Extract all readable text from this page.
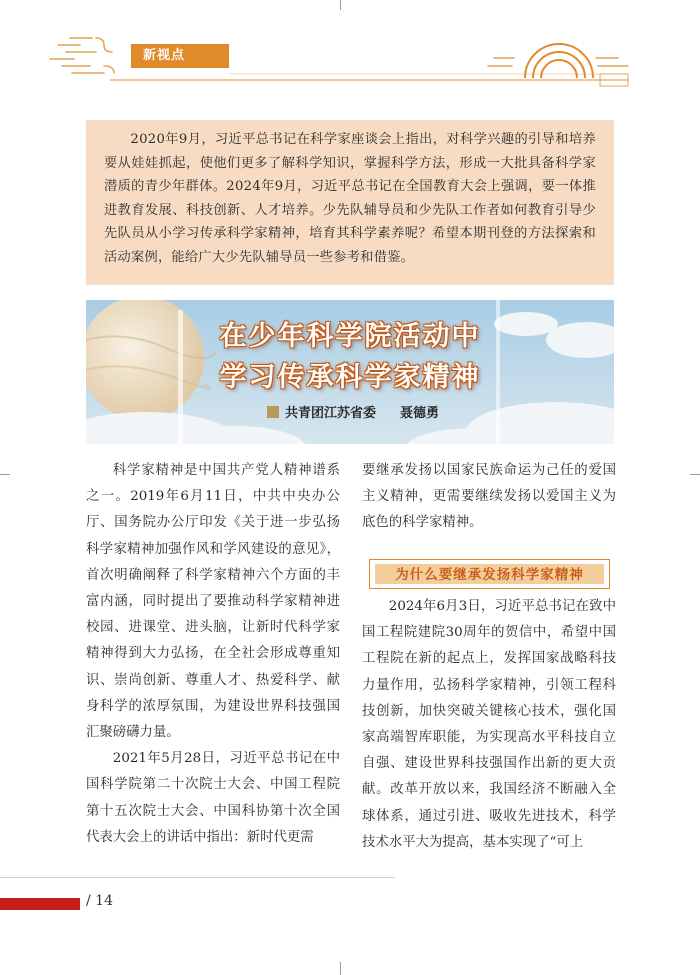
新视点

2020年9月，习近平总书记在科学家座谈会上指出，对科学兴趣的引导和培养要从娃娃抓起，使他们更多了解科学知识，掌握科学方法，形成一大批具备科学家潜质的青少年群体。2024年9月，习近平总书记在全国教育大会上强调，要一体推进教育发展、科技创新、人才培养。少先队辅导员和少先队工作者如何教育引导少先队员从小学习传承科学家精神，培育其科学素养呢？希望本期刊登的方法探索和活动案例，能给广大少先队辅导员一些参考和借鉴。

在少年科学院活动中
学习传承科学家精神
共青团江苏省委 聂德勇

科学家精神是中国共产党人精神谱系之一。2019年6月11日，中共中央办公厅、国务院办公厅印发《关于进一步弘扬科学家精神加强作风和学风建设的意见》，首次明确阐释了科学家精神六个方面的丰富内涵，同时提出了要推动科学家精神进校园、进课堂、进头脑，让新时代科学家精神得到大力弘扬，在全社会形成尊重知识、崇尚创新、尊重人才、热爱科学、献身科学的浓厚氛围，为建设世界科技强国汇聚磅礴力量。

2021年5月28日，习近平总书记在中国科学院第二十次院士大会、中国工程院第十五次院士大会、中国科协第十次全国代表大会上的讲话中指出：新时代更需

要继承发扬以国家民族命运为己任的爱国主义精神，更需要继续发扬以爱国主义为底色的科学家精神。

为什么要继承发扬科学家精神

2024年6月3日，习近平总书记在致中国工程院建院30周年的贺信中，希望中国工程院在新的起点上，发挥国家战略科技力量作用，弘扬科学家精神，引领工程科技创新，加快突破关键核心技术，强化国家高端智库职能，为实现高水平科技自立自强、建设世界科技强国作出新的更大贡献。改革开放以来，我国经济不断融入全球体系，通过引进、吸收先进技术，科学技术水平大为提高，基本实现了“可上

/ 14
